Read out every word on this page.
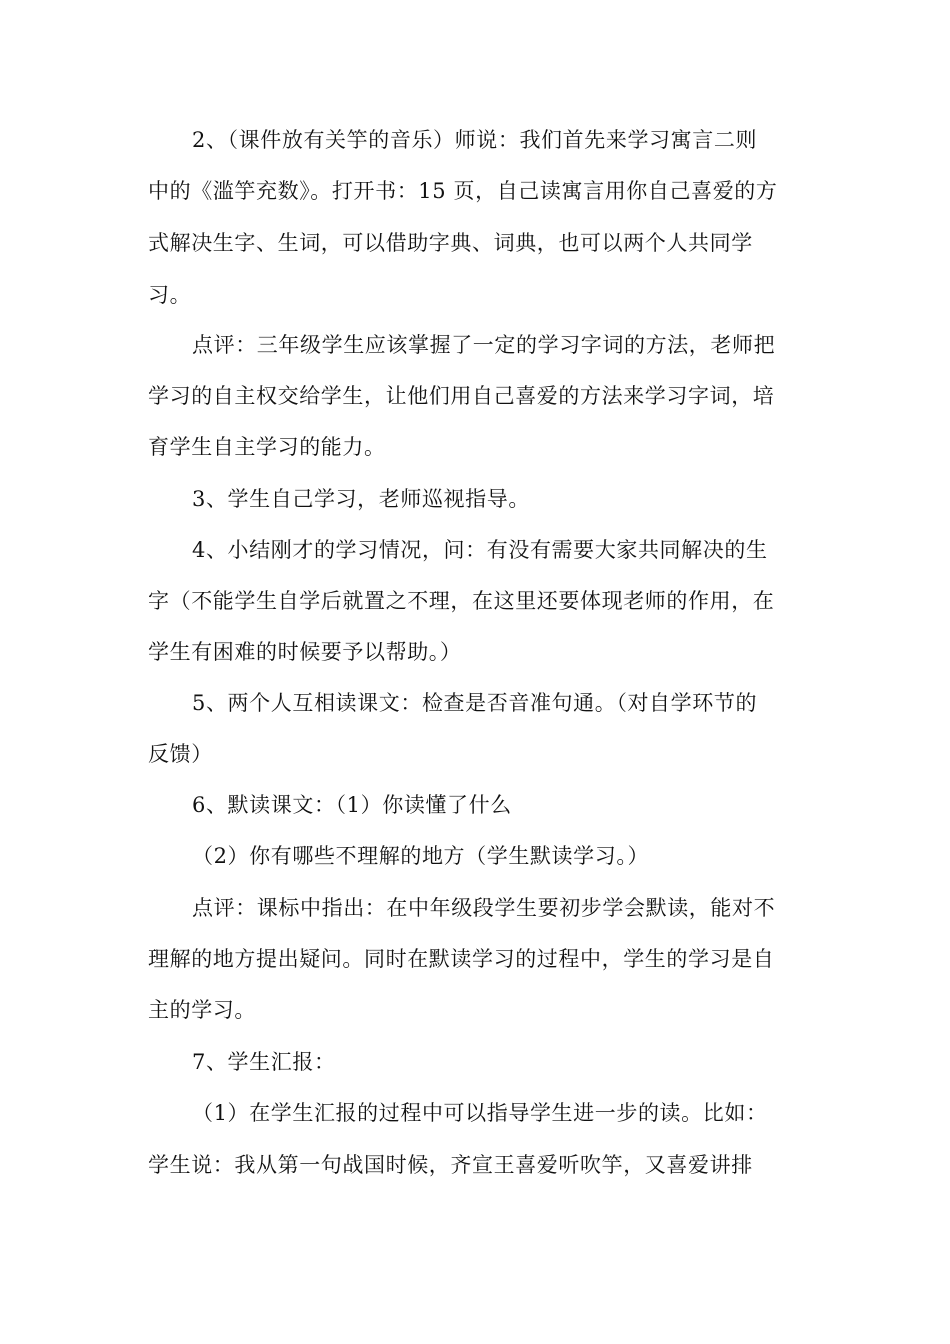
2、（课件放有关竽的音乐）师说：我们首先来学习寓言二则
中的《滥竽充数》。打开书：15 页，自己读寓言用你自己喜爱的方
式解决生字、生词，可以借助字典、词典，也可以两个人共同学
习。
点评：三年级学生应该掌握了一定的学习字词的方法，老师把
学习的自主权交给学生，让他们用自己喜爱的方法来学习字词，培
育学生自主学习的能力。
3、学生自己学习，老师巡视指导。
4、小结刚才的学习情况，问：有没有需要大家共同解决的生
字（不能学生自学后就置之不理，在这里还要体现老师的作用，在
学生有困难的时候要予以帮助。）
5、两个人互相读课文：检查是否音准句通。（对自学环节的
反馈）
6、默读课文：（1）你读懂了什么
（2）你有哪些不理解的地方（学生默读学习。）
点评：课标中指出：在中年级段学生要初步学会默读，能对不
理解的地方提出疑问。同时在默读学习的过程中，学生的学习是自
主的学习。
7、学生汇报：
（1）在学生汇报的过程中可以指导学生进一步的读。比如：
学生说：我从第一句战国时候，齐宣王喜爱听吹竽，又喜爱讲排
